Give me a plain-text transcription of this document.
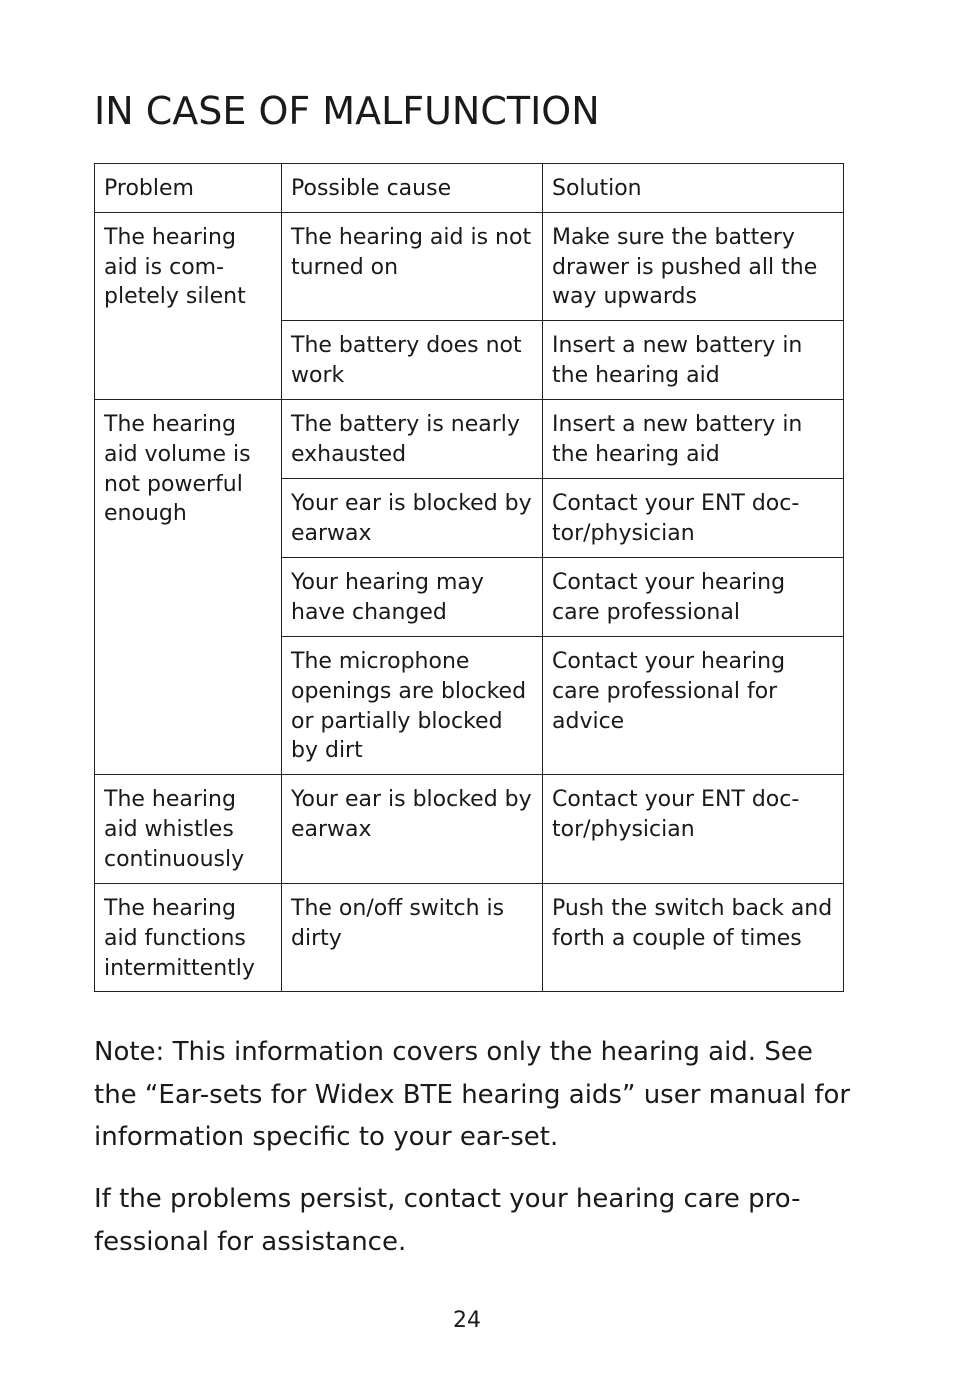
IN CASE OF MALFUNCTION
Problem	Possible cause	Solution
The hearing aid is com-pletely silent	The hearing aid is not turned on	Make sure the battery drawer is pushed all the way upwards
	The battery does not work	Insert a new battery in the hearing aid
The hearing aid volume is not powerful enough	The battery is nearly exhausted	Insert a new battery in the hearing aid
	Your ear is blocked by earwax	Contact your ENT doc-tor/physician
	Your hearing may have changed	Contact your hearing care professional
	The microphone openings are blocked or partially blocked by dirt	Contact your hearing care professional for advice
The hearing aid whistles continuously	Your ear is blocked by earwax	Contact your ENT doc-tor/physician
The hearing aid functions intermittently	The on/off switch is dirty	Push the switch back and forth a couple of times

Note: This information covers only the hearing aid. See the “Ear-sets for Widex BTE hearing aids” user manual for information specific to your ear-set.

If the problems persist, contact your hearing care pro-fessional for assistance.

24
